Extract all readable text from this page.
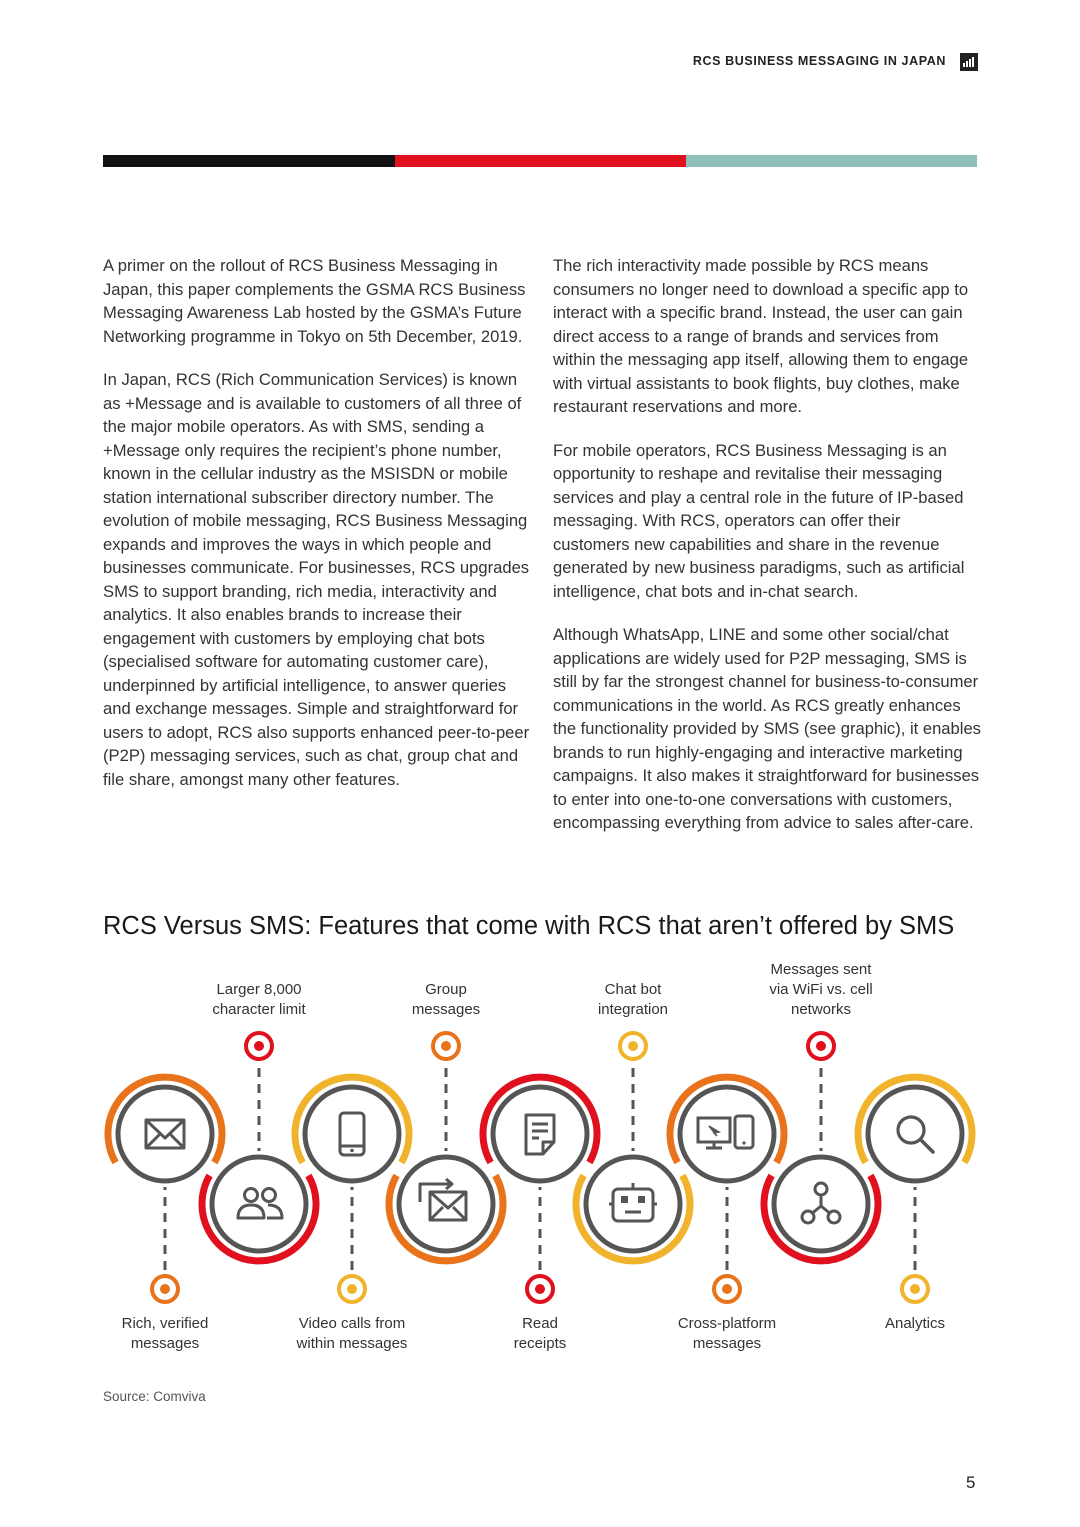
RCS BUSINESS MESSAGING IN JAPAN

A primer on the rollout of RCS Business Messaging in Japan, this paper complements the GSMA RCS Business Messaging Awareness Lab hosted by the GSMA’s Future Networking programme in Tokyo on 5th December, 2019.

In Japan, RCS (Rich Communication Services) is known as +Message and is available to customers of all three of the major mobile operators. As with SMS, sending a +Message only requires the recipient’s phone number, known in the cellular industry as the MSISDN or mobile station international subscriber directory number. The evolution of mobile messaging, RCS Business Messaging expands and improves the ways in which people and businesses communicate. For businesses, RCS upgrades SMS to support branding, rich media, interactivity and analytics. It also enables brands to increase their engagement with customers by employing chat bots (specialised software for automating customer care), underpinned by artificial intelligence, to answer queries and exchange messages. Simple and straightforward for users to adopt, RCS also supports enhanced peer-to-peer (P2P) messaging services, such as chat, group chat and file share, amongst many other features.

The rich interactivity made possible by RCS means consumers no longer need to download a specific app to interact with a specific brand. Instead, the user can gain direct access to a range of brands and services from within the messaging app itself, allowing them to engage with virtual assistants to book flights, buy clothes, make restaurant reservations and more.

For mobile operators, RCS Business Messaging is an opportunity to reshape and revitalise their messaging services and play a central role in the future of IP-based messaging. With RCS, operators can offer their customers new capabilities and share in the revenue generated by new business paradigms, such as artificial intelligence, chat bots and in-chat search.

Although WhatsApp, LINE and some other social/chat applications are widely used for P2P messaging, SMS is still by far the strongest channel for business-to-consumer communications in the world. As RCS greatly enhances the functionality provided by SMS (see graphic), it enables brands to run highly-engaging and interactive marketing campaigns. It also makes it straightforward for businesses to enter into one-to-one conversations with customers, encompassing everything from advice to sales after-care.

RCS Versus SMS: Features that come with RCS that aren’t offered by SMS
Rich, verified messages
Larger 8,000 character limit
Video calls from within messages
Group messages
Read receipts
Chat bot integration
Cross-platform messages
Messages sent via WiFi vs. cell networks
Analytics
Source: Comviva
5
